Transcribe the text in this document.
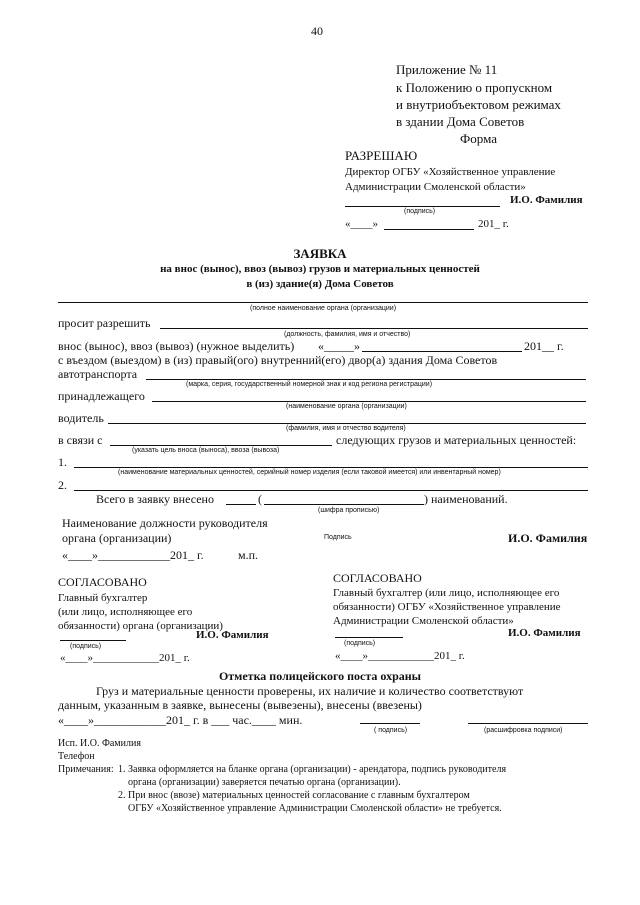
40
Приложение № 11
к Положению о пропускном
и внутриобъектовом режимах
в здании Дома Советов
Форма
РАЗРЕШАЮ
Директор ОГБУ «Хозяйственное управление
Администрации Смоленской области»
И.О. Фамилия
(подпись)
«____»	201_ г.
ЗАЯВКА
на внос (вынос), ввоз (вывоз) грузов и материальных ценностей
в (из) здание(я) Дома Советов
(полное наименование органа (организации)
просит разрешить
(должность, фамилия, имя и отчество)
внос (вынос), ввоз (вывоз) (нужное выделить) «_____»	201__ г.
с въездом (выездом) в (из) правый(ого) внутренний(его) двор(а) здания Дома Советов
автотранспорта
(марка, серия, государственный номерной знак и код региона регистрации)
принадлежащего
(наименование органа (организации)
водитель
(фамилия, имя и отчество водителя)
в связи с	следующих грузов и материальных ценностей:
(указать цель вноса (выноса), ввоза (вывоза)
1.
(наименование материальных ценностей, серийный номер изделия (если таковой имеется) или инвентарный номер)
2.
Всего в заявку внесено	(	) наименований.
(шифра прописью)
Наименование должности руководителя
органа (организации)	Подпись	И.О. Фамилия
«____»____________201_ г.	м.п.
СОГЛАСОВАНО
Главный бухгалтер
(или лицо, исполняющее его
обязанности) органа (организации)
И.О. Фамилия
(подпись)
«____»____________201_ г.
СОГЛАСОВАНО
Главный бухгалтер (или лицо, исполняющее его
обязанности) ОГБУ «Хозяйственное управление
Администрации Смоленской области»
И.О. Фамилия
(подпись)
«____»____________201_ г.
Отметка полицейского поста охраны
Груз и материальные ценности проверены, их наличие и количество соответствуют
данным, указанным в заявке, вынесены (вывезены), внесены (ввезены)
«____»____________201_ г. в ___ час.____ мин.
( подпись)	(расшифровка подписи)
Исп. И.О. Фамилия
Телефон
Примечания: 1. Заявка оформляется на бланке органа (организации) - арендатора, подпись руководителя
органа (организации) заверяется печатью органа (организации).
2. При внос (ввозе) материальных ценностей согласование с главным бухгалтером
ОГБУ «Хозяйственное управление Администрации Смоленской области» не требуется.
